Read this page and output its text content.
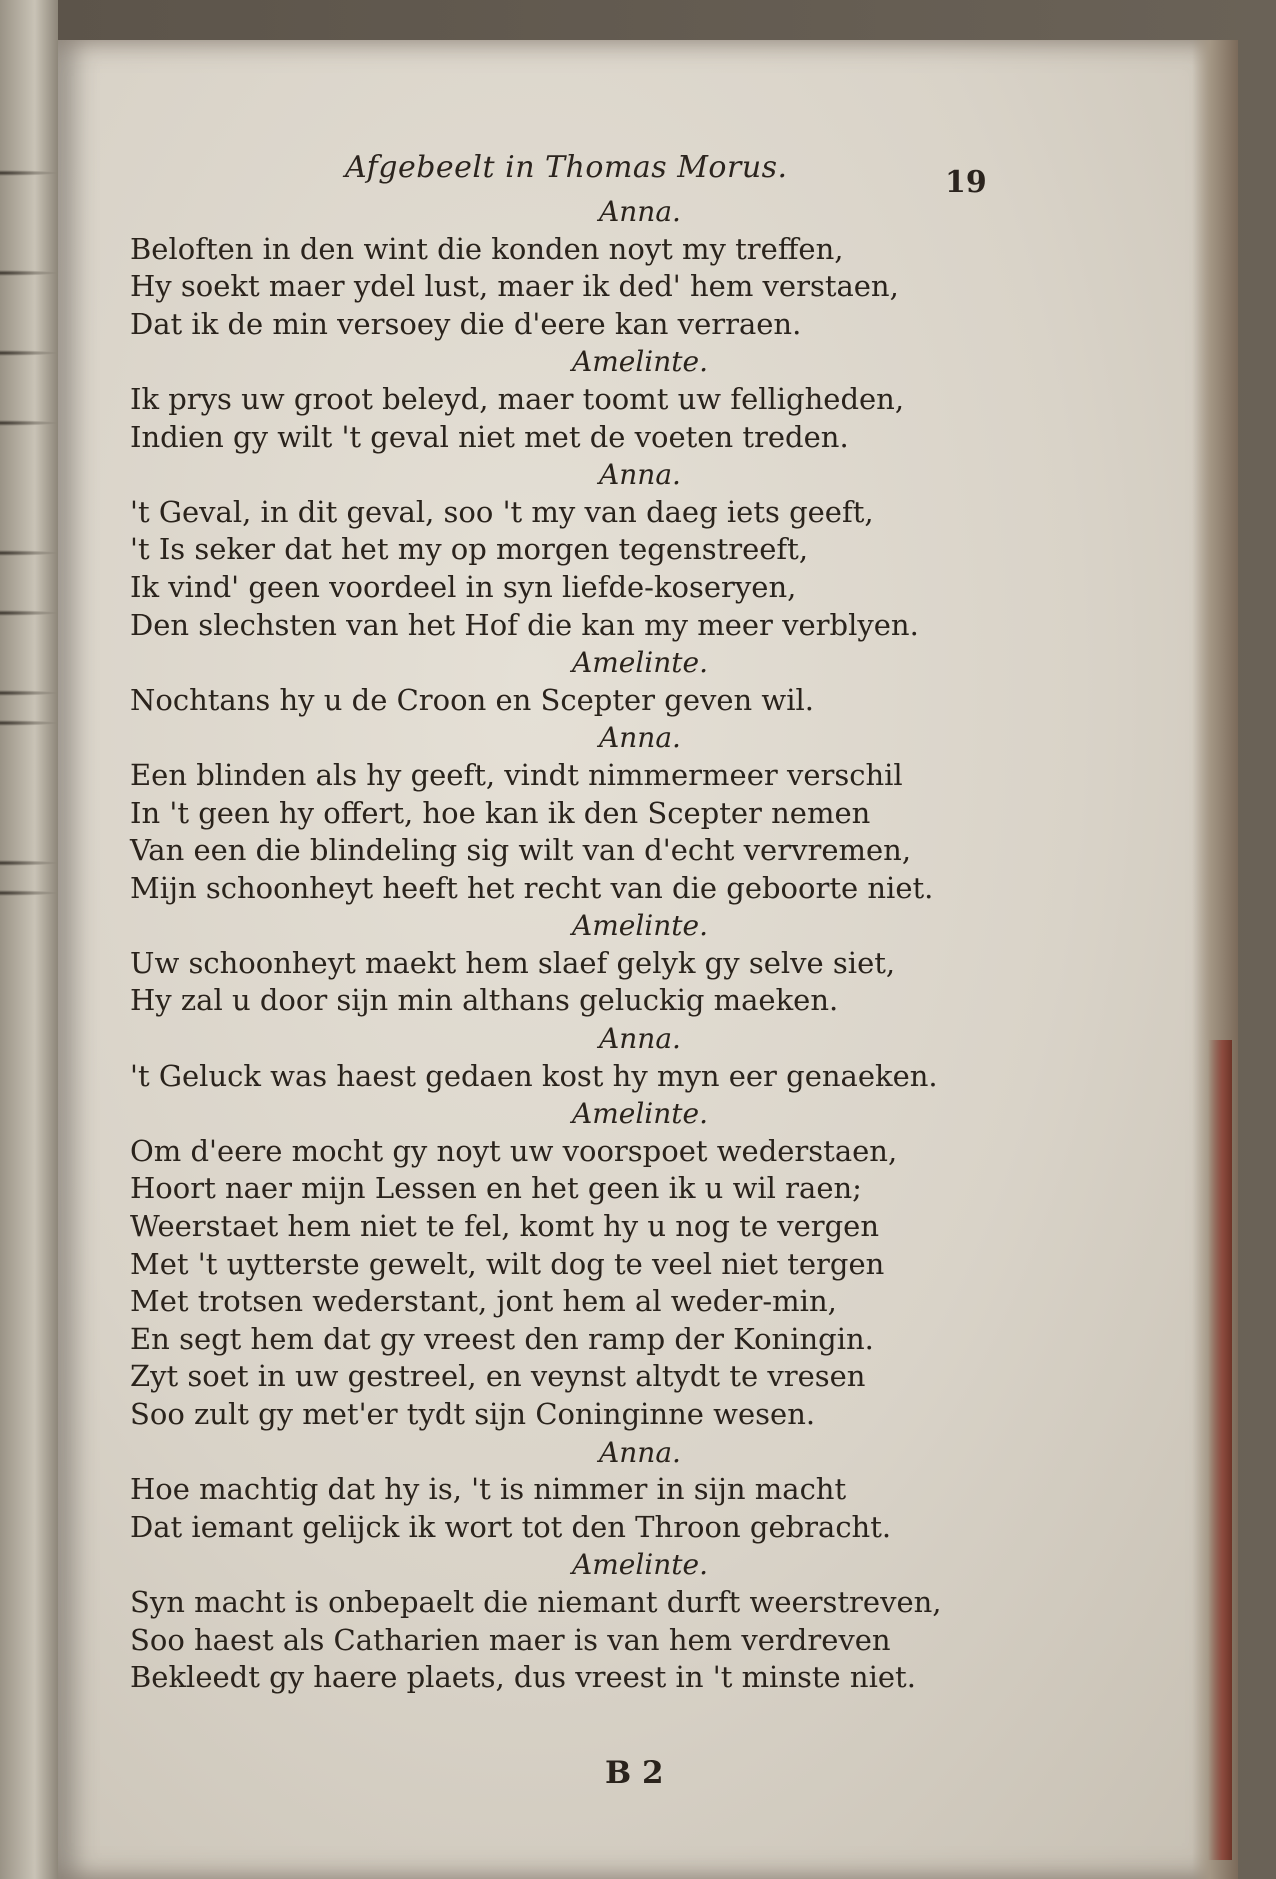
Afgebeelt in Thomas Morus.	19
Anna.
Beloften in den wint die konden noyt my treffen,
Hy soekt maer ydel lust, maer ik ded' hem verstaen,
Dat ik de min versoey die d'eere kan verraen.
Amelinte.
Ik prys uw groot beleyd, maer toomt uw felligheden,
Indien gy wilt 't geval niet met de voeten treden.
Anna.
't Geval, in dit geval, soo 't my van daeg iets geeft,
't Is seker dat het my op morgen tegenstreeft,
Ik vind' geen voordeel in syn liefde-koseryen,
Den slechsten van het Hof die kan my meer verblyen.
Amelinte.
Nochtans hy u de Croon en Scepter geven wil.
Anna.
Een blinden als hy geeft, vindt nimmermeer verschil
In 't geen hy offert, hoe kan ik den Scepter nemen
Van een die blindeling sig wilt van d'echt vervremen,
Mijn schoonheyt heeft het recht van die geboorte niet.
Amelinte.
Uw schoonheyt maekt hem slaef gelyk gy selve siet,
Hy zal u door sijn min althans geluckig maeken.
Anna.
't Geluck was haest gedaen kost hy myn eer genaeken.
Amelinte.
Om d'eere mocht gy noyt uw voorspoet wederstaen,
Hoort naer mijn Lessen en het geen ik u wil raen;
Weerstaet hem niet te fel, komt hy u nog te vergen
Met 't uytterste gewelt, wilt dog te veel niet tergen
Met trotsen wederstant, jont hem al weder-min,
En segt hem dat gy vreest den ramp der Koningin.
Zyt soet in uw gestreel, en veynst altydt te vresen
Soo zult gy met'er tydt sijn Coninginne wesen.
Anna.
Hoe machtig dat hy is, 't is nimmer in sijn macht
Dat iemant gelijck ik wort tot den Throon gebracht.
Amelinte.
Syn macht is onbepaelt die niemant durft weerstreven,
Soo haest als Catharien maer is van hem verdreven
Bekleedt gy haere plaets, dus vreest in 't minste niet.
B 2
